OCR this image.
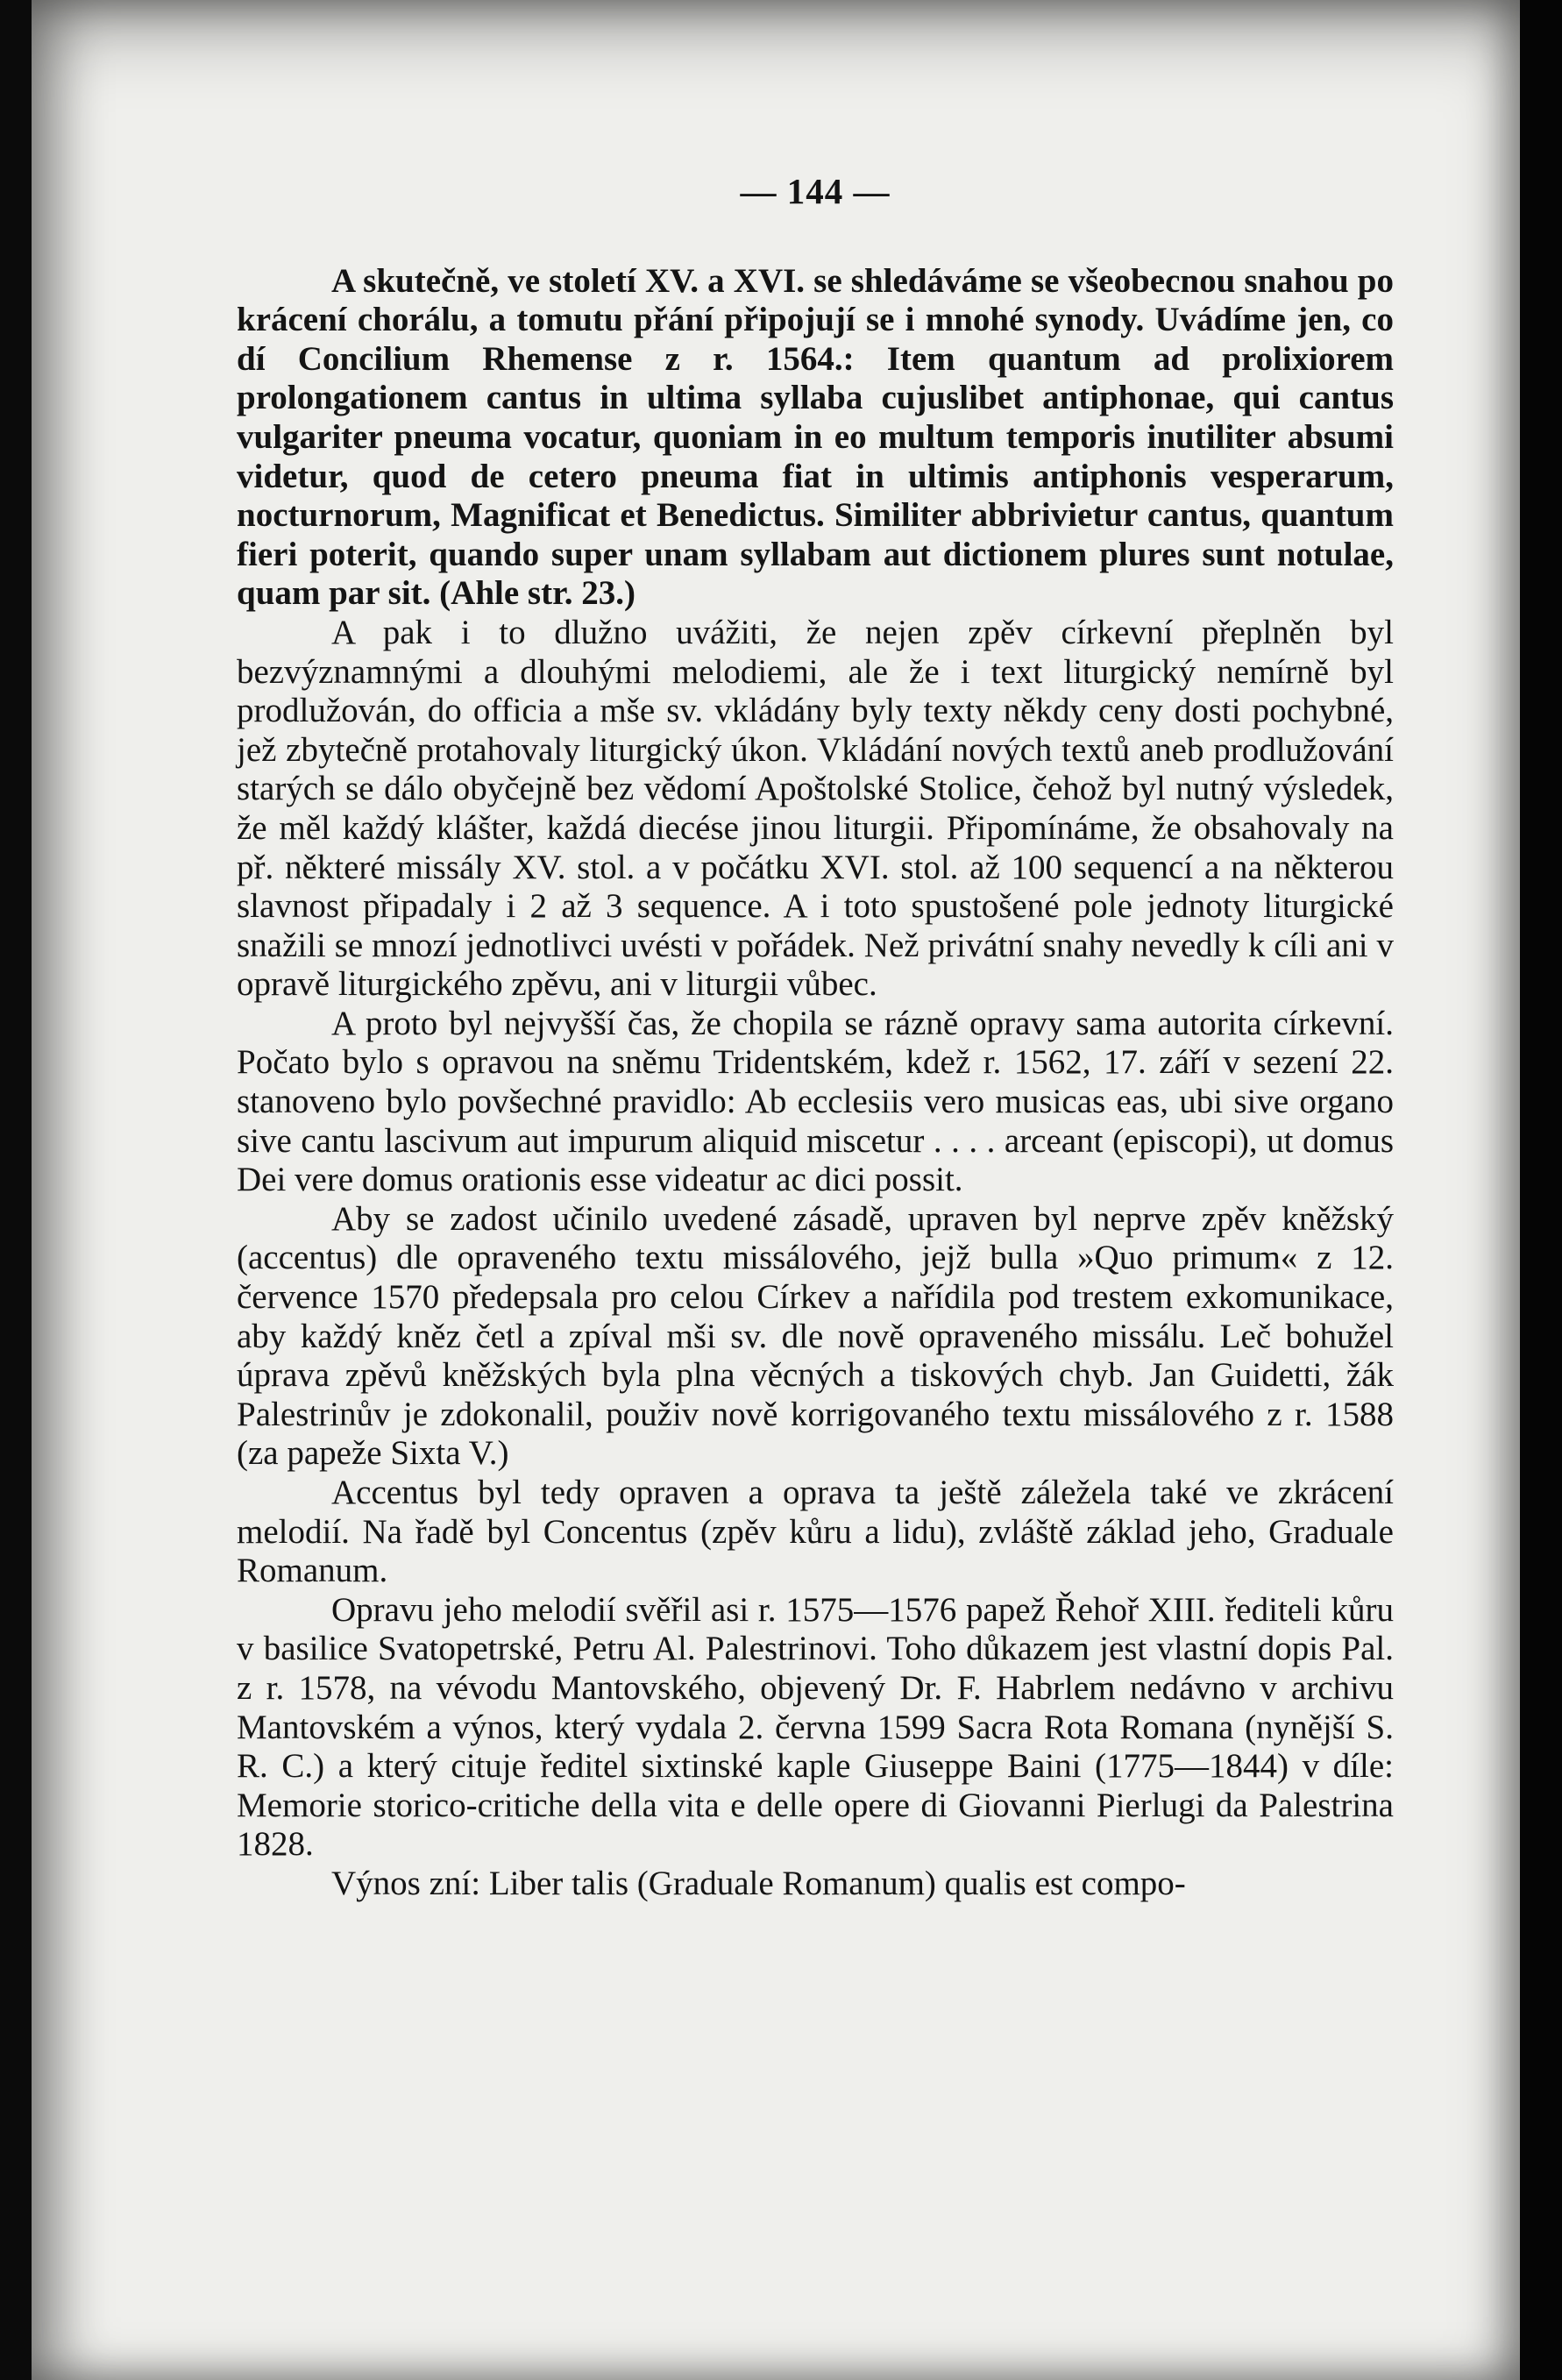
— 144 —

A skutečně, ve století XV. a XVI. se shledáváme se všeobecnou snahou po krácení chorálu, a tomutu přání připojují se i mnohé synody. Uvádíme jen, co dí Concilium Rhemense z r. 1564.: Item quantum ad prolixiorem prolongationem cantus in ultima syllaba cujuslibet antiphonae, qui cantus vulgariter pneuma vocatur, quoniam in eo multum temporis inutiliter absumi videtur, quod de cetero pneuma fiat in ultimis antiphonis vesperarum, nocturnorum, Magnificat et Benedictus. Similiter abbrivietur cantus, quantum fieri poterit, quando super unam syllabam aut dictionem plures sunt notulae, quam par sit. (Ahle str. 23.)

A pak i to dlužno uvážiti, že nejen zpěv církevní přeplněn byl bezvýznamnými a dlouhými melodiemi, ale že i text liturgický nemírně byl prodlužován, do officia a mše sv. vkládány byly texty někdy ceny dosti pochybné, jež zbytečně protahovaly liturgický úkon. Vkládání nových textů aneb prodlužování starých se dálo obyčejně bez vědomí Apoštolské Stolice, čehož byl nutný výsledek, že měl každý klášter, každá diecése jinou liturgii. Připomínáme, že obsahovaly na př. některé missály XV. stol. a v počátku XVI. stol. až 100 sequencí a na některou slavnost připadaly i 2 až 3 sequence. A i toto spustošené pole jednoty liturgické snažili se mnozí jednotlivci uvésti v pořádek. Než privátní snahy nevedly k cíli ani v opravě liturgického zpěvu, ani v liturgii vůbec.

A proto byl nejvyšší čas, že chopila se rázně opravy sama autorita církevní. Počato bylo s opravou na sněmu Tridentském, kdež r. 1562, 17. září v sezení 22. stanoveno bylo povšechné pravidlo: Ab ecclesiis vero musicas eas, ubi sive organo sive cantu lascivum aut impurum aliquid miscetur . . . . arceant (episcopi), ut domus Dei vere domus orationis esse videatur ac dici possit.

Aby se zadost učinilo uvedené zásadě, upraven byl neprve zpěv kněžský (accentus) dle opraveného textu missálového, jejž bulla »Quo primum« z 12. července 1570 předepsala pro celou Církev a nařídila pod trestem exkomunikace, aby každý kněz četl a zpíval mši sv. dle nově opraveného missálu. Leč bohužel úprava zpěvů kněžských byla plna věcných a tiskových chyb. Jan Guidetti, žák Palestrinův je zdokonalil, použiv nově korrigovaného textu missálového z r. 1588 (za papeže Sixta V.)

Accentus byl tedy opraven a oprava ta ještě záležela také ve zkrácení melodií. Na řadě byl Concentus (zpěv kůru a lidu), zvláště základ jeho, Graduale Romanum.

Opravu jeho melodií svěřil asi r. 1575—1576 papež Řehoř XIII. řediteli kůru v basilice Svatopetrské, Petru Al. Palestrinovi. Toho důkazem jest vlastní dopis Pal. z r. 1578, na vévodu Mantovského, objevený Dr. F. Habrlem nedávno v archivu Mantovském a výnos, který vydala 2. června 1599 Sacra Rota Romana (nynější S. R. C.) a který cituje ředitel sixtinské kaple Giuseppe Baini (1775—1844) v díle: Memorie storico-critiche della vita e delle opere di Giovanni Pierlugi da Palestrina 1828.

Výnos zní: Liber talis (Graduale Romanum) qualis est compo-
